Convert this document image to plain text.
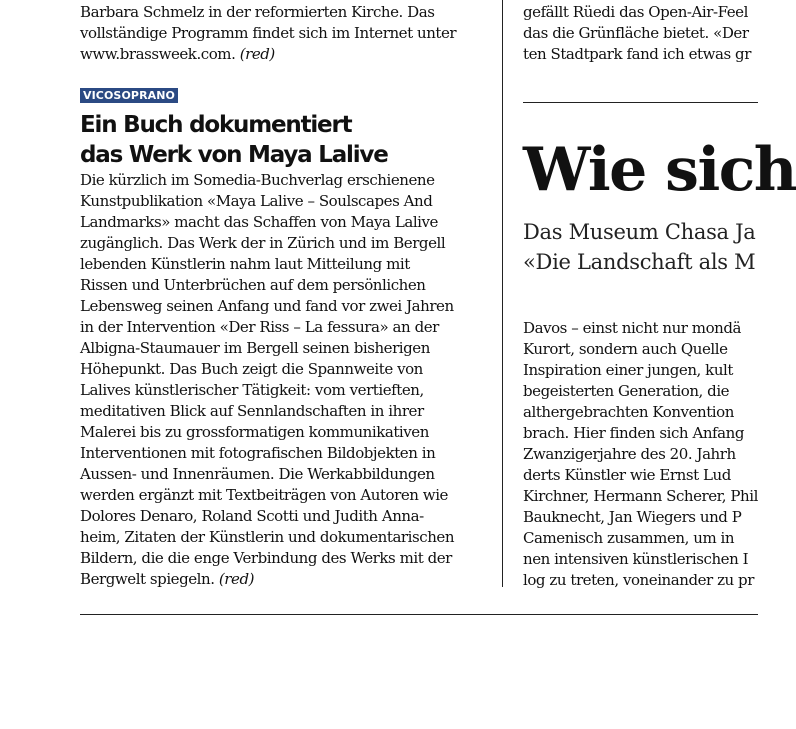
Barbara Schmelz in der reformierten Kirche. Das
vollständige Programm findet sich im Internet unter
www.brassweek.com. (red)
VICOSOPRANO
Ein Buch dokumentiert
das Werk von Maya Lalive
Die kürzlich im Somedia-Buchverlag erschienene
Kunstpublikation «Maya Lalive – Soulscapes And
Landmarks» macht das Schaffen von Maya Lalive
zugänglich. Das Werk der in Zürich und im Bergell
lebenden Künstlerin nahm laut Mitteilung mit
Rissen und Unterbrüchen auf dem persönlichen
Lebensweg seinen Anfang und fand vor zwei Jahren
in der Intervention «Der Riss – La fessura» an der
Albigna-Staumauer im Bergell seinen bisherigen
Höhepunkt. Das Buch zeigt die Spannweite von
Lalives künstlerischer Tätigkeit: vom vertieften,
meditativen Blick auf Sennlandschaften in ihrer
Malerei bis zu grossformatigen kommunikativen
Interventionen mit fotografischen Bildobjekten in
Aussen- und Innenräumen. Die Werkabbildungen
werden ergänzt mit Textbeiträgen von Autoren wie
Dolores Denaro, Roland Scotti und Judith Anna-
heim, Zitaten der Künstlerin und dokumentarischen
Bildern, die die enge Verbindung des Werks mit der
Bergwelt spiegeln. (red)
gefällt Rüedi das Open-Air-Feel
das die Grünfläche bietet. «Der
ten Stadtpark fand ich etwas gr
Wie sich
Das Museum Chasa Ja
«Die Landschaft als M
Davos – einst nicht nur mondä
Kurort, sondern auch Quelle
Inspiration einer jungen, kult
begeisterten Generation, die
althergebrachten Konvention
brach. Hier finden sich Anfang
Zwanzigerjahre des 20. Jahrh
derts Künstler wie Ernst Lud
Kirchner, Hermann Scherer, Phil
Bauknecht, Jan Wiegers und P
Camenisch zusammen, um in
nen intensiven künstlerischen I
log zu treten, voneinander zu pr
